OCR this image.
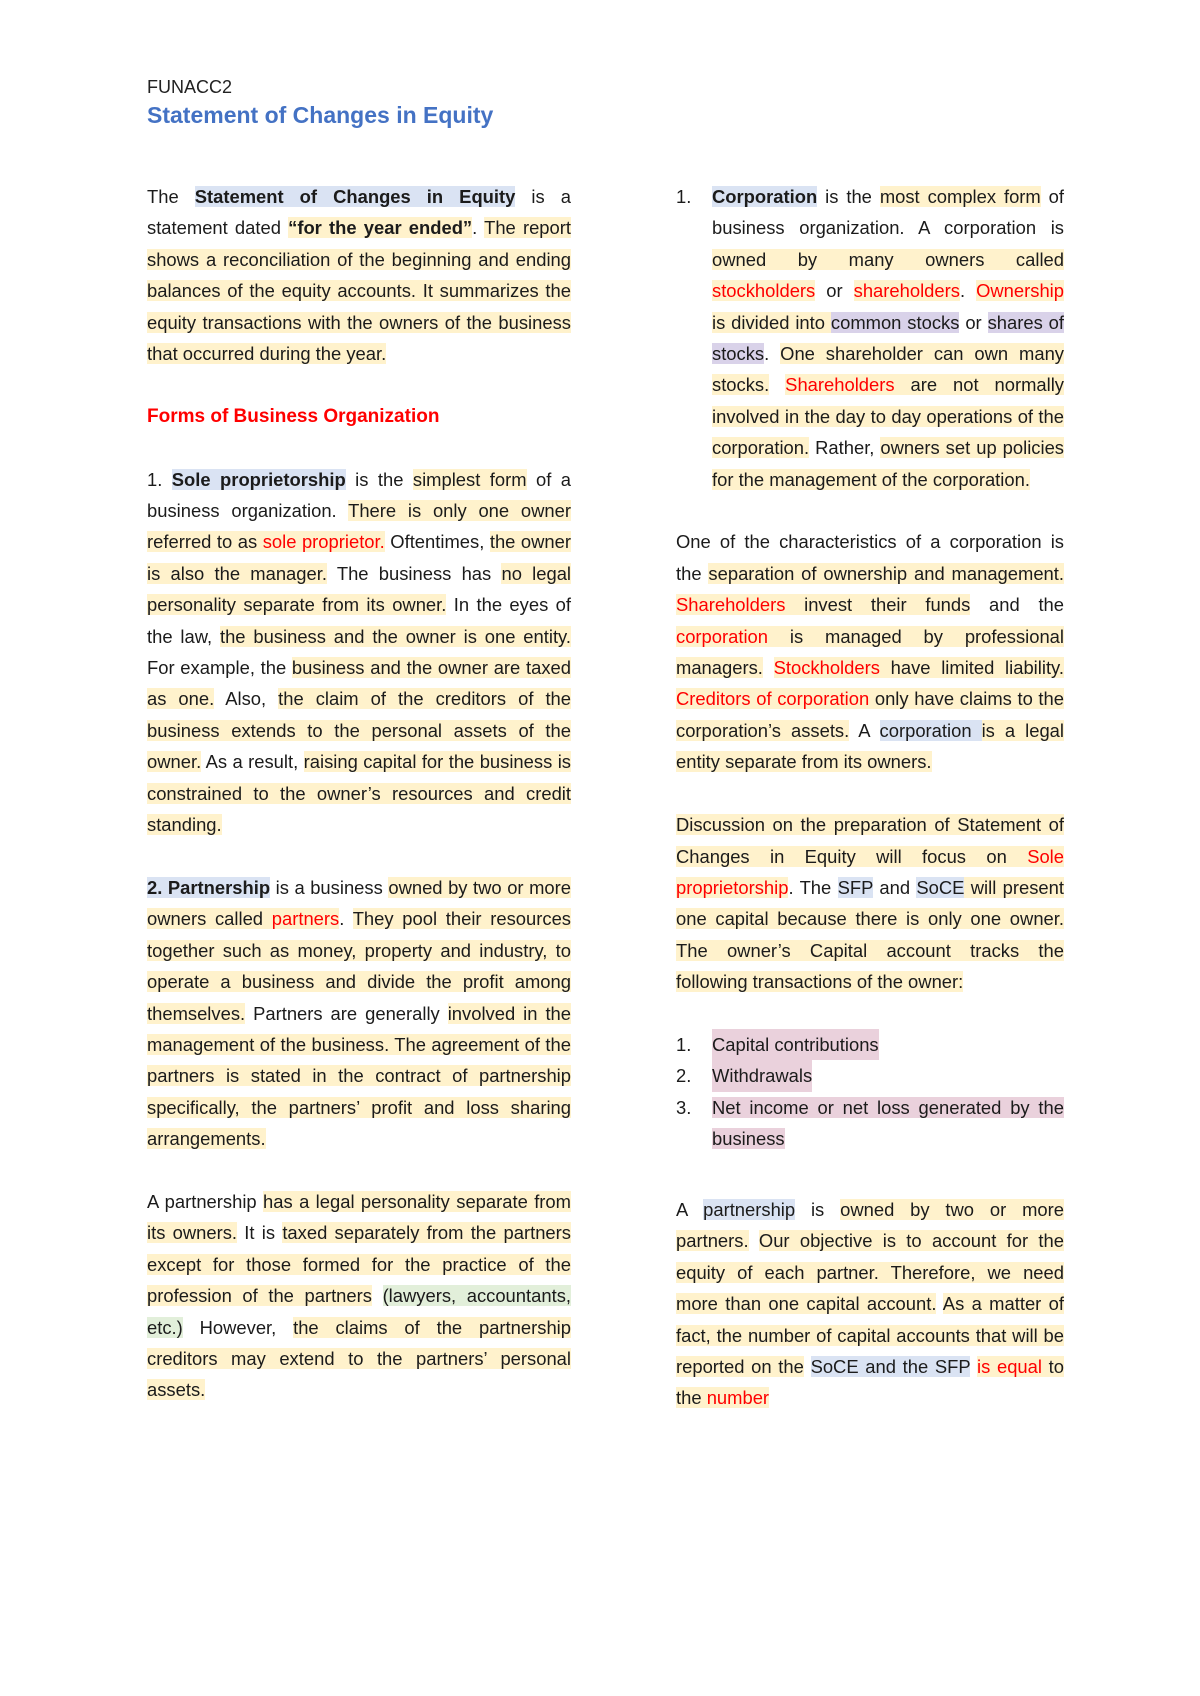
FUNACC2
Statement of Changes in Equity

The Statement of Changes in Equity is a statement dated “for the year ended”. The report shows a reconciliation of the beginning and ending balances of the equity accounts. It summarizes the equity transactions with the owners of the business that occurred during the year.

Forms of Business Organization

1. Sole proprietorship is the simplest form of a business organization. There is only one owner referred to as sole proprietor. Oftentimes, the owner is also the manager. The business has no legal personality separate from its owner. In the eyes of the law, the business and the owner is one entity. For example, the business and the owner are taxed as one. Also, the claim of the creditors of the business extends to the personal assets of the owner. As a result, raising capital for the business is constrained to the owner’s resources and credit standing.

2. Partnership is a business owned by two or more owners called partners. They pool their resources together such as money, property and industry, to operate a business and divide the profit among themselves. Partners are generally involved in the management of the business. The agreement of the partners is stated in the contract of partnership specifically, the partners’ profit and loss sharing arrangements.

A partnership has a legal personality separate from its owners. It is taxed separately from the partners except for those formed for the practice of the profession of the partners (lawyers, accountants, etc.) However, the claims of the partnership creditors may extend to the partners’ personal assets.

1.	Corporation is the most complex form of business organization. A corporation is owned by many owners called stockholders or shareholders. Ownership is divided into common stocks or shares of stocks. One shareholder can own many stocks. Shareholders are not normally involved in the day to day operations of the corporation. Rather, owners set up policies for the management of the corporation.

One of the characteristics of a corporation is the separation of ownership and management. Shareholders invest their funds and the corporation is managed by professional managers. Stockholders have limited liability. Creditors of corporation only have claims to the corporation’s assets. A corporation is a legal entity separate from its owners.

Discussion on the preparation of Statement of Changes in Equity will focus on Sole proprietorship. The SFP and SoCE will present one capital because there is only one owner. The owner’s Capital account tracks the following transactions of the owner:

1.	Capital contributions
2.	Withdrawals
3.	Net income or net loss generated by the business

A partnership is owned by two or more partners. Our objective is to account for the equity of each partner. Therefore, we need more than one capital account. As a matter of fact, the number of capital accounts that will be reported on the SoCE and the SFP is equal to the number
